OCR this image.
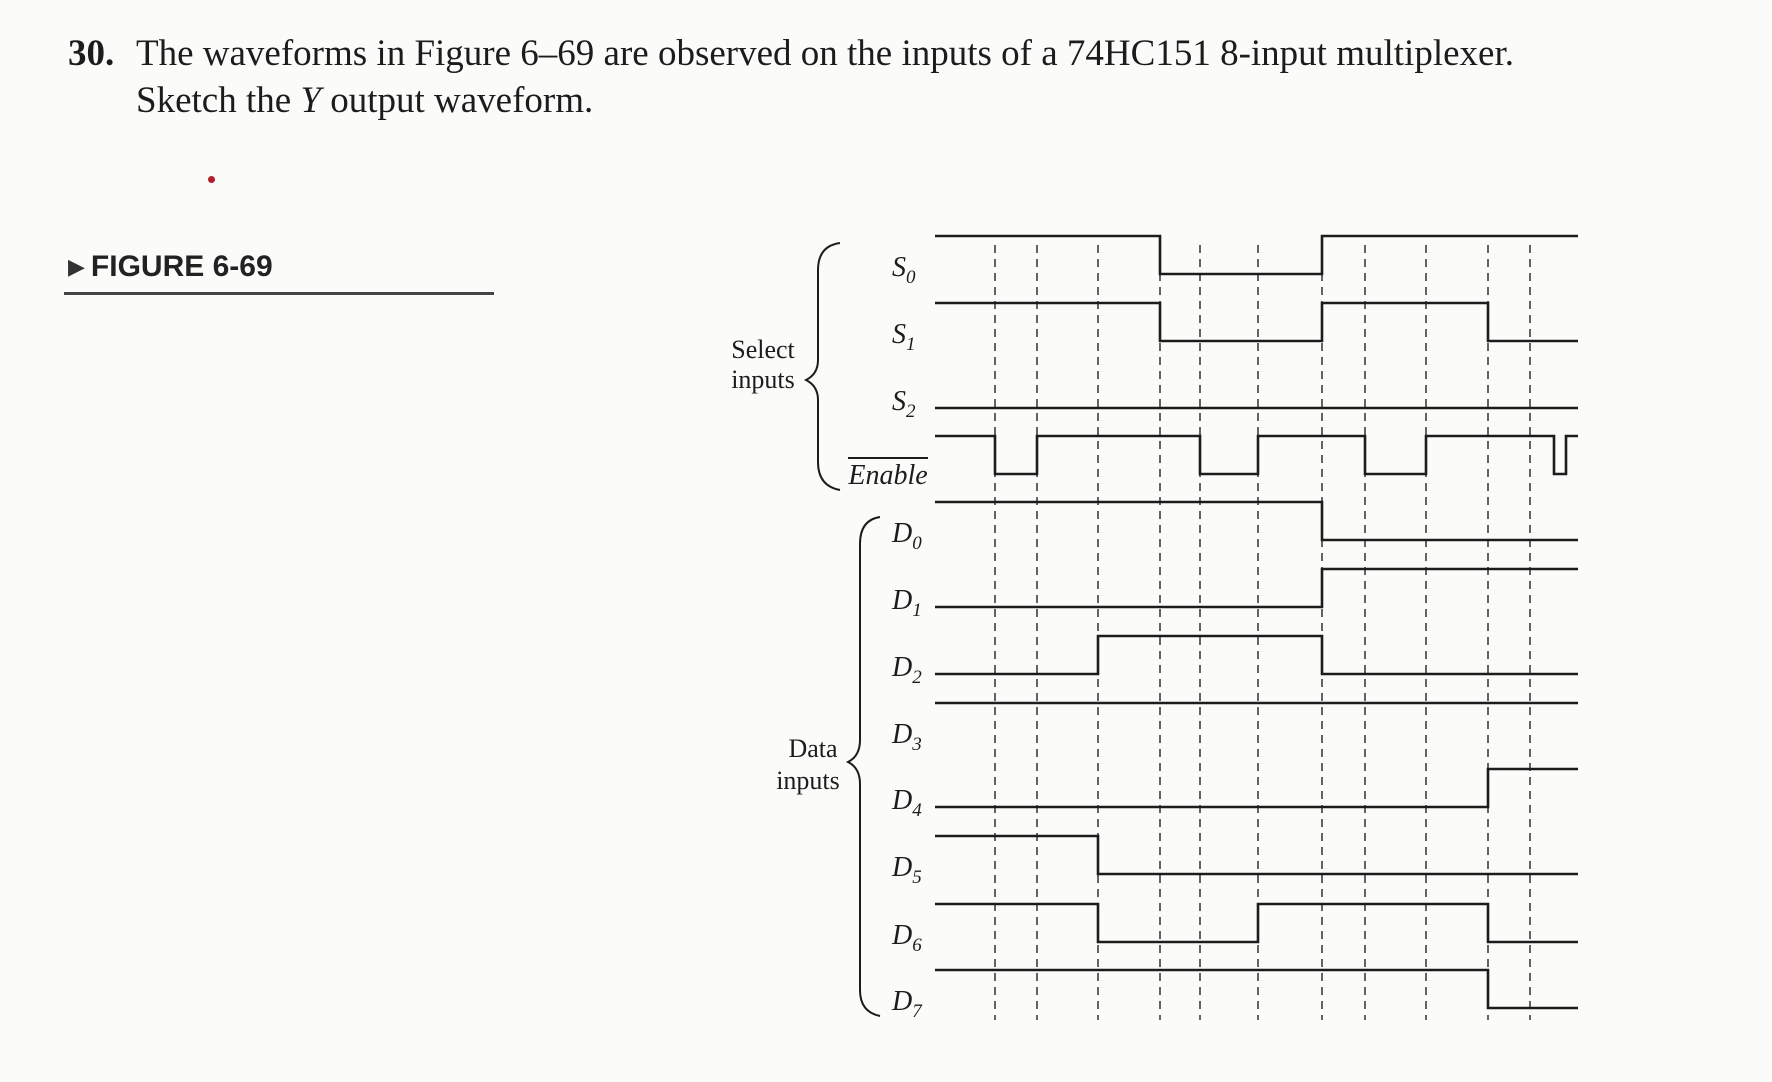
30. The waveforms in Figure 6–69 are observed on the inputs of a 74HC151 8-input multiplexer.
Sketch the Y output waveform.
▶ FIGURE 6-69
Select
inputs
Data
inputs
$S_0$
$S_1$
$S_2$
Enable
$D_0$
$D_1$
$D_2$
$D_3$
$D_4$
$D_5$
$D_6$
$D_7$
